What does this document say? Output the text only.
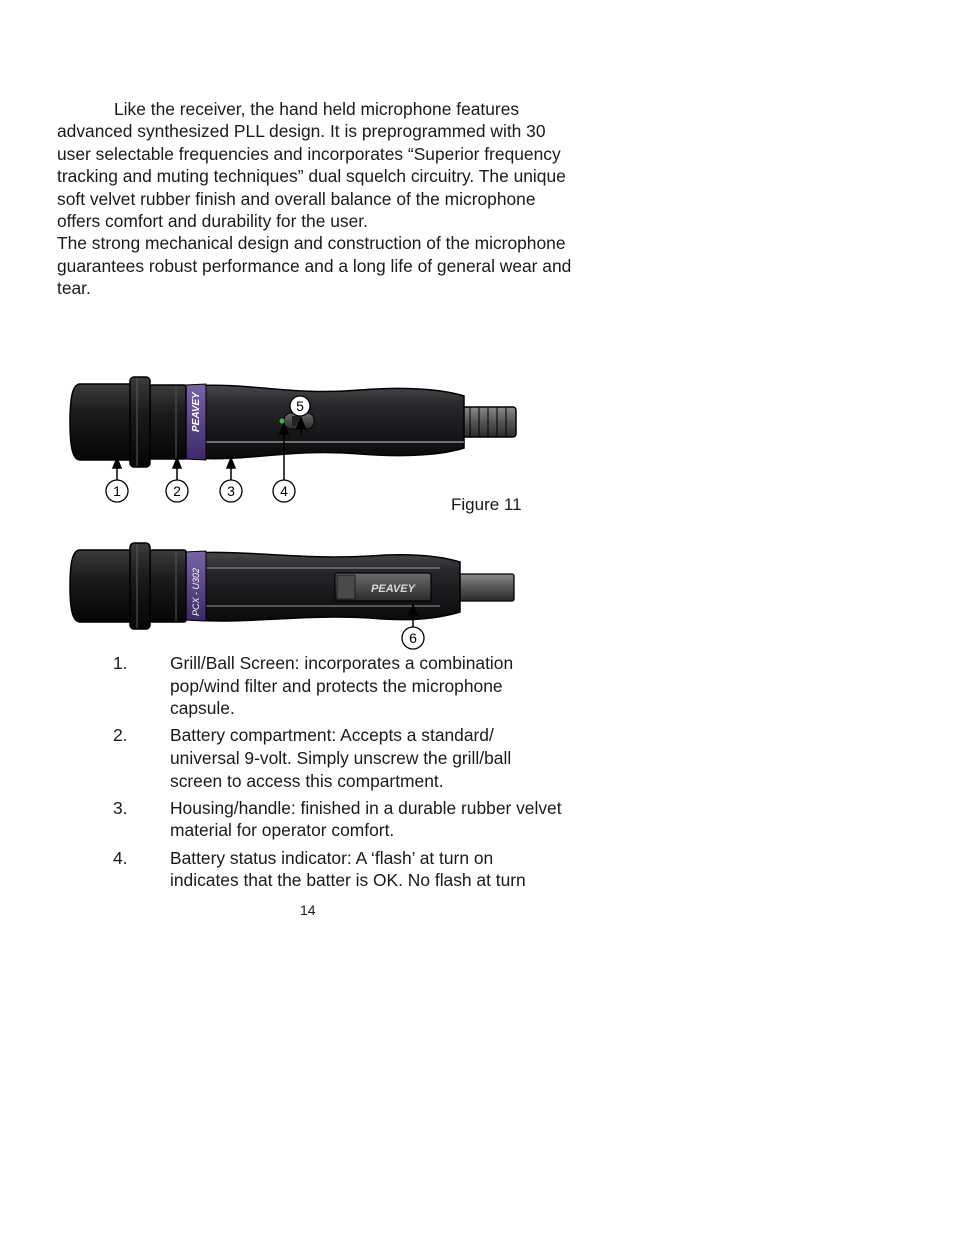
Like the receiver, the hand held microphone features advanced synthesized PLL design. It is preprogrammed with 30 user selectable frequencies and incorporates “Superior frequency tracking and muting techniques” dual squelch circuitry. The unique soft velvet rubber finish and overall balance of the microphone offers comfort and durability for the user.

The strong mechanical design and construction of the microphone guarantees robust performance and a long life of general wear and tear.

PEAVEY
1	2	3	4
5
PEAVEY
PCX - U302
6
Figure 11
1.	Grill/Ball Screen: incorporates a combination pop/wind filter and protects the microphone capsule.
2.	Battery compartment: Accepts a standard/ universal 9-volt. Simply unscrew the grill/ball screen to access this compartment.
3.	Housing/handle: finished in a durable rubber velvet material for operator comfort.
4.	Battery status indicator: A ‘flash’ at turn on indicates that the batter is OK. No flash at turn
14
